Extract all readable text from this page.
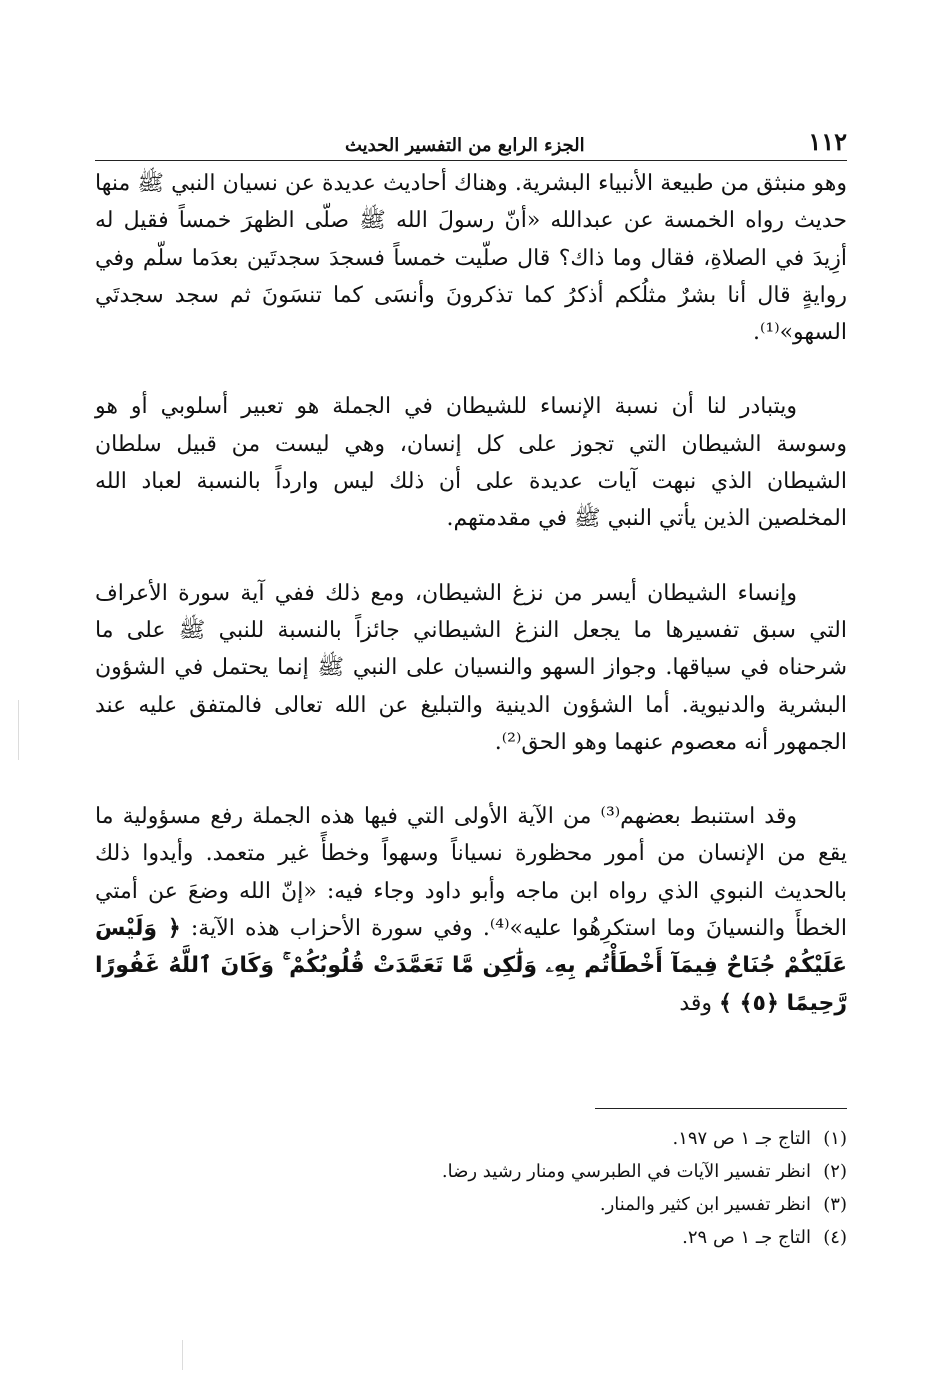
١١٢
الجزء الرابع من التفسير الحديث

وهو منبثق من طبيعة الأنبياء البشرية. وهناك أحاديث عديدة عن نسيان النبي ﷺ منها حديث رواه الخمسة عن عبدالله «أنّ رسولَ الله ﷺ صلّى الظهرَ خمساً فقيل له أزِيدَ في الصلاةِ، فقال وما ذاك؟ قال صلّيت خمساً فسجدَ سجدتَين بعدَما سلّم وفي روايةٍ قال أنا بشرٌ مثلُكم أذكرُ كما تذكرونَ وأنسَى كما تنسَونَ ثم سجد سجدتَي السهو»⁽¹⁾.

ويتبادر لنا أن نسبة الإنساء للشيطان في الجملة هو تعبير أسلوبي أو هو وسوسة الشيطان التي تجوز على كل إنسان، وهي ليست من قبيل سلطان الشيطان الذي نبهت آيات عديدة على أن ذلك ليس وارداً بالنسبة لعباد الله المخلصين الذين يأتي النبي ﷺ في مقدمتهم.

وإنساء الشيطان أيسر من نزغ الشيطان، ومع ذلك ففي آية سورة الأعراف التي سبق تفسيرها ما يجعل النزغ الشيطاني جائزاً بالنسبة للنبي ﷺ على ما شرحناه في سياقها. وجواز السهو والنسيان على النبي ﷺ إنما يحتمل في الشؤون البشرية والدنيوية. أما الشؤون الدينية والتبليغ عن الله تعالى فالمتفق عليه عند الجمهور أنه معصوم عنهما وهو الحق⁽²⁾.

وقد استنبط بعضهم⁽³⁾ من الآية الأولى التي فيها هذه الجملة رفع مسؤولية ما يقع من الإنسان من أمور محظورة نسياناً وسهواً وخطأً غير متعمد. وأيدوا ذلك بالحديث النبوي الذي رواه ابن ماجه وأبو داود وجاء فيه: «إنّ الله وضعَ عن أمتي الخطأَ والنسيانَ وما استكرِهُوا عليه»⁽⁴⁾. وفي سورة الأحزاب هذه الآية: ﴿ وَلَيْسَ عَلَيْكُمْ جُنَاحٌ فِيمَآ أَخْطَأْتُم بِهِۦ وَلَٰكِن مَّا تَعَمَّدَتْ قُلُوبُكُمْ ۚ وَكَانَ ٱللَّهُ غَفُورًا رَّحِيمًا ﴿٥﴾ ﴾ وقد

(١)التاج جـ ١ ص ١٩٧.
(٢)انظر تفسير الآيات في الطبرسي ومنار رشيد رضا.
(٣)انظر تفسير ابن كثير والمنار.
(٤)التاج جـ ١ ص ٢٩.
